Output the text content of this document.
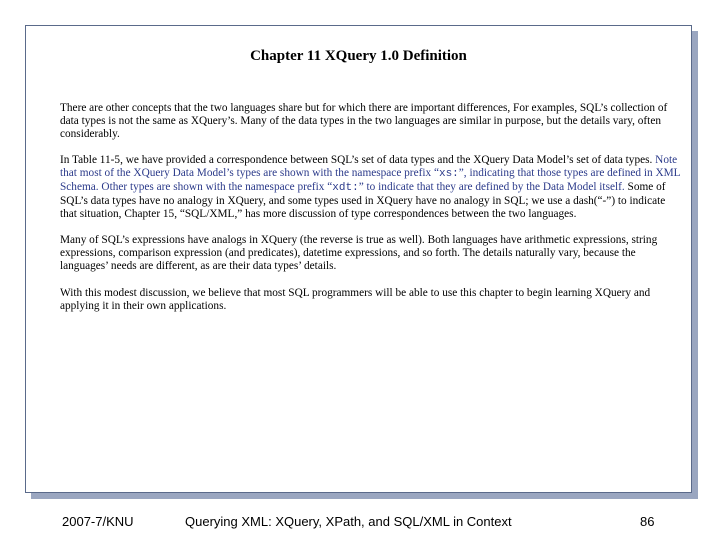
Chapter 11 XQuery 1.0 Definition

There are other concepts that the two languages share but for which there are important differences, For examples, SQL’s collection of data types is not the same as XQuery’s. Many of the data types in the two languages are similar in purpose, but the details vary, often considerably.

In Table 11-5, we have provided a correspondence between SQL’s set of data types and the XQuery Data Model’s set of data types. Note that most of the XQuery Data Model’s types are shown with the namespace prefix “xs:”, indicating that those types are defined in XML Schema. Other types are shown with the namespace prefix “xdt:” to indicate that they are defined by the Data Model itself. Some of SQL’s data types have no analogy in XQuery, and some types used in XQuery have no analogy in SQL; we use a dash(“-”) to indicate that situation, Chapter 15, “SQL/XML,” has more discussion of type correspondences between the two languages.

Many of SQL’s expressions have analogs in XQuery (the reverse is true as well). Both languages have arithmetic expressions, string expressions, comparison expression (and predicates), datetime expressions, and so forth. The details naturally vary, because the languages’ needs are different, as are their data types’ details.

With this modest discussion, we believe that most SQL programmers will be able to use this chapter to begin learning XQuery and applying it in their own applications.

2007-7/KNU	Querying XML: XQuery, XPath, and SQL/XML in Context	86
